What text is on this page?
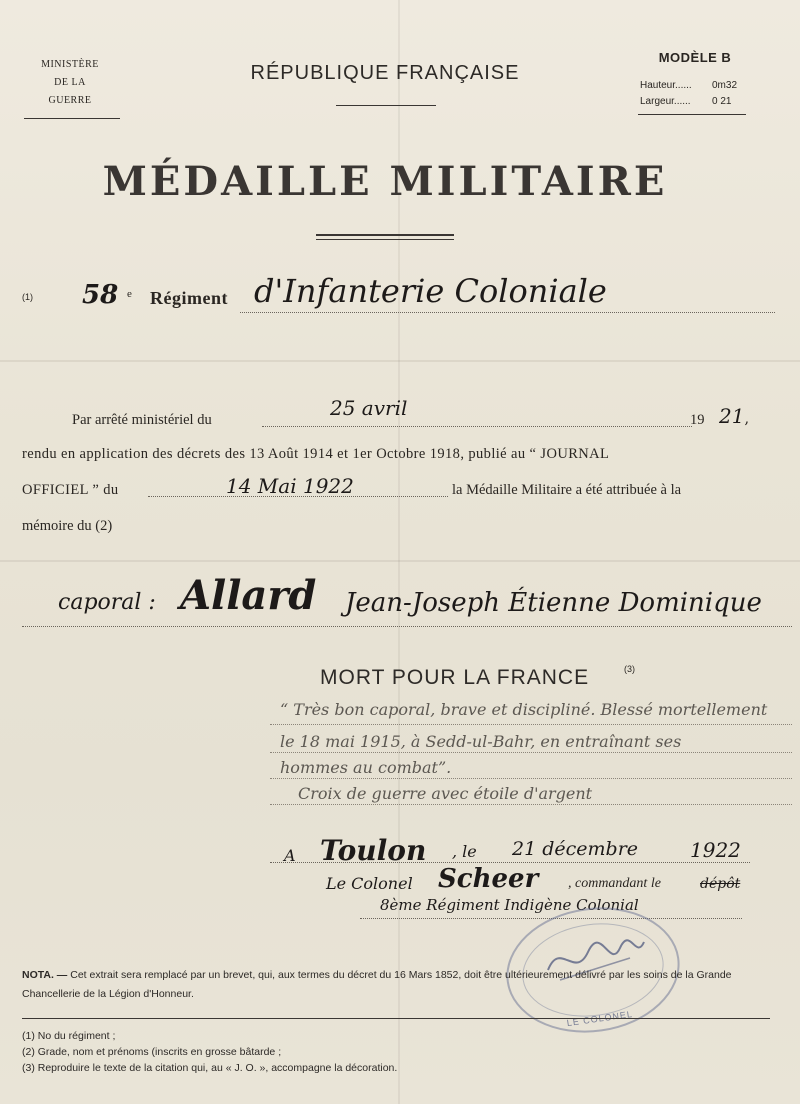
MINISTÈRE
DE LA
GUERRE
RÉPUBLIQUE FRANÇAISE
MODÈLE B
Hauteur......	0m32
Largeur......	0 21
MÉDAILLE MILITAIRE
(1) 58 e Régiment d'Infanterie Coloniale
Par arrêté ministériel du	25 avril	19 21,
rendu en application des décrets des 13 Août 1914 et 1er Octobre 1918, publié au “ JOURNAL
OFFICIEL ” du	14 Mai 1922	la Médaille Militaire a été attribuée à la
mémoire du (2)
caporal : Allard Jean-Joseph Étienne Dominique
MORT POUR LA FRANCE	(3)
“ Très bon caporal, brave et discipliné. Blessé mortellement
le 18 mai 1915, à Sedd-ul-Bahr, en entraînant ses
hommes au combat”.
Croix de guerre avec étoile d'argent
A Toulon , le 21 décembre	1922
Le Colonel Scheer , commandant le	dépôt
8ème Régiment Indigène Colonial
LE COLONEL
NOTA. — Cet extrait sera remplacé par un brevet, qui, aux termes du décret du 16 Mars 1852, doit être ultérieurement délivré par les soins de la Grande Chancellerie de la Légion d'Honneur.
(1) No du régiment ;
(2) Grade, nom et prénoms (inscrits en grosse bâtarde ;
(3) Reproduire le texte de la citation qui, au « J. O. », accompagne la décoration.
